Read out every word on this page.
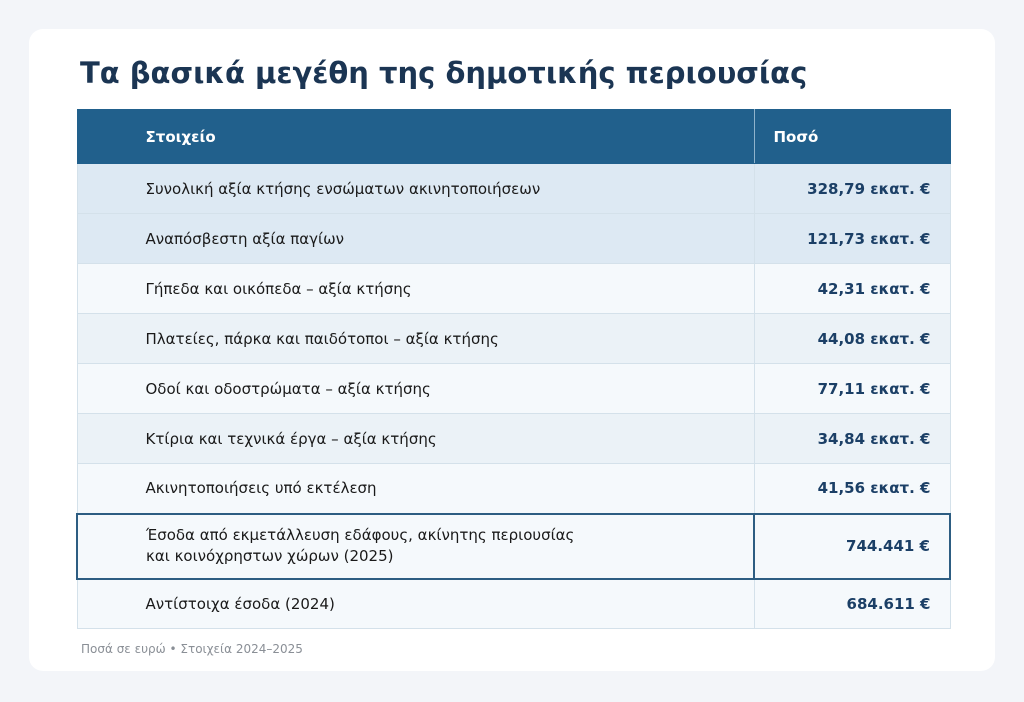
Τα βασικά μεγέθη της δημοτικής περιουσίας
Στοιχείο	Ποσό
Συνολική αξία κτήσης ενσώματων ακινητοποιήσεων	328,79 εκατ. €
Αναπόσβεστη αξία παγίων	121,73 εκατ. €
Γήπεδα και οικόπεδα – αξία κτήσης	42,31 εκατ. €
Πλατείες, πάρκα και παιδότοποι – αξία κτήσης	44,08 εκατ. €
Οδοί και οδοστρώματα – αξία κτήσης	77,11 εκατ. €
Κτίρια και τεχνικά έργα – αξία κτήσης	34,84 εκατ. €
Ακινητοποιήσεις υπό εκτέλεση	41,56 εκατ. €

Έσοδα από εκμετάλλευση εδάφους, ακίνητης περιουσίας
και κοινόχρηστων χώρων (2025)	744.441 €
Αντίστοιχα έσοδα (2024)	684.611 €
Ποσά σε ευρώ • Στοιχεία 2024–2025
